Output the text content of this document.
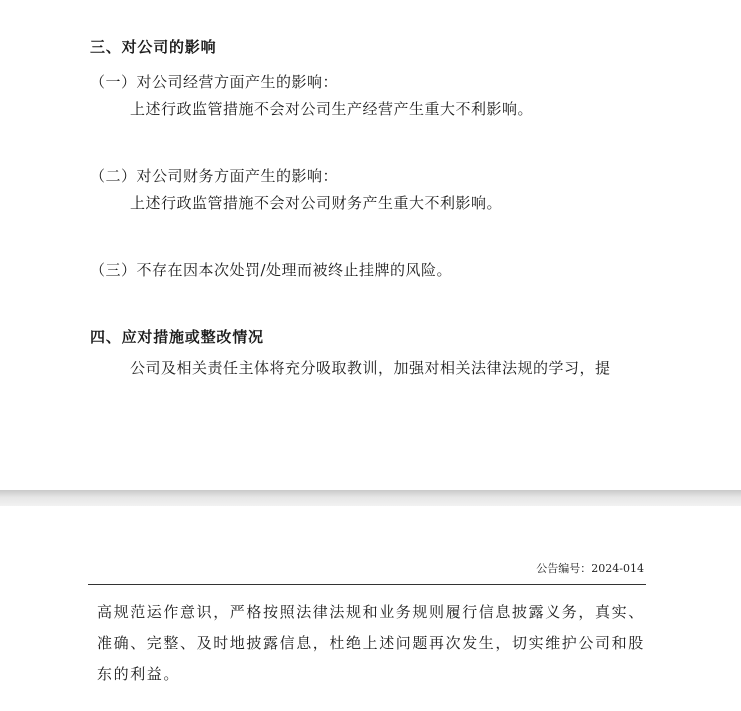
三、对公司的影响
（一）对公司经营方面产生的影响：
上述行政监管措施不会对公司生产经营产生重大不利影响。
（二）对公司财务方面产生的影响：
上述行政监管措施不会对公司财务产生重大不利影响。
（三）不存在因本次处罚/处理而被终止挂牌的风险。
四、应对措施或整改情况
公司及相关责任主体将充分吸取教训，加强对相关法律法规的学习，提
公告编号：2024-014
高规范运作意识，严格按照法律法规和业务规则履行信息披露义务，真实、
准确、完整、及时地披露信息，杜绝上述问题再次发生，切实维护公司和股
东的利益。
